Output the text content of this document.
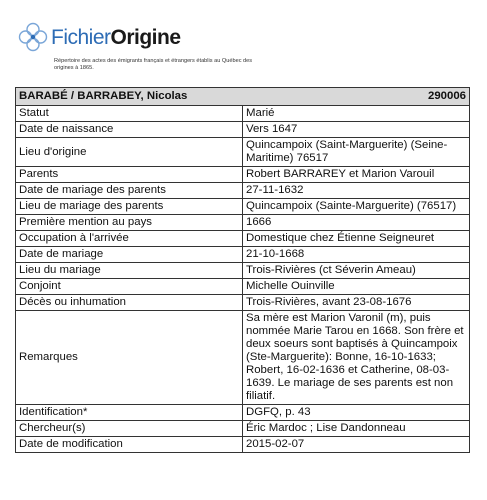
FichierOrigine
Répertoire des actes des émigrants français et étrangers établis au Québec des origines à 1865.
BARABÉ / BARRABEY, Nicolas 290006	

Statut	Marié
Date de naissance	Vers 1647
Lieu d'origine	Quincampoix (Saint-Marguerite) (Seine-Maritime) 76517
Parents	Robert BARRAREY et Marion Varouil
Date de mariage des parents	27-11-1632
Lieu de mariage des parents	Quincampoix (Sainte-Marguerite) (76517)
Première mention au pays	1666
Occupation à l'arrivée	Domestique chez Étienne Seigneuret
Date de mariage	21-10-1668
Lieu du mariage	Trois-Rivières (ct Séverin Ameau)
Conjoint	Michelle Ouinville
Décès ou inhumation	Trois-Rivières, avant 23-08-1676
Remarques	Sa mère est Marion Varonil (m), puis nommée Marie Tarou en 1668. Son frère et deux soeurs sont baptisés à Quincampoix (Ste-Marguerite): Bonne, 16-10-1633; Robert, 16-02-1636 et Catherine, 08-03-1639. Le mariage de ses parents est non filiatif.
Identification*	DGFQ, p. 43
Chercheur(s)	Éric Mardoc ; Lise Dandonneau
Date de modification	2015-02-07
